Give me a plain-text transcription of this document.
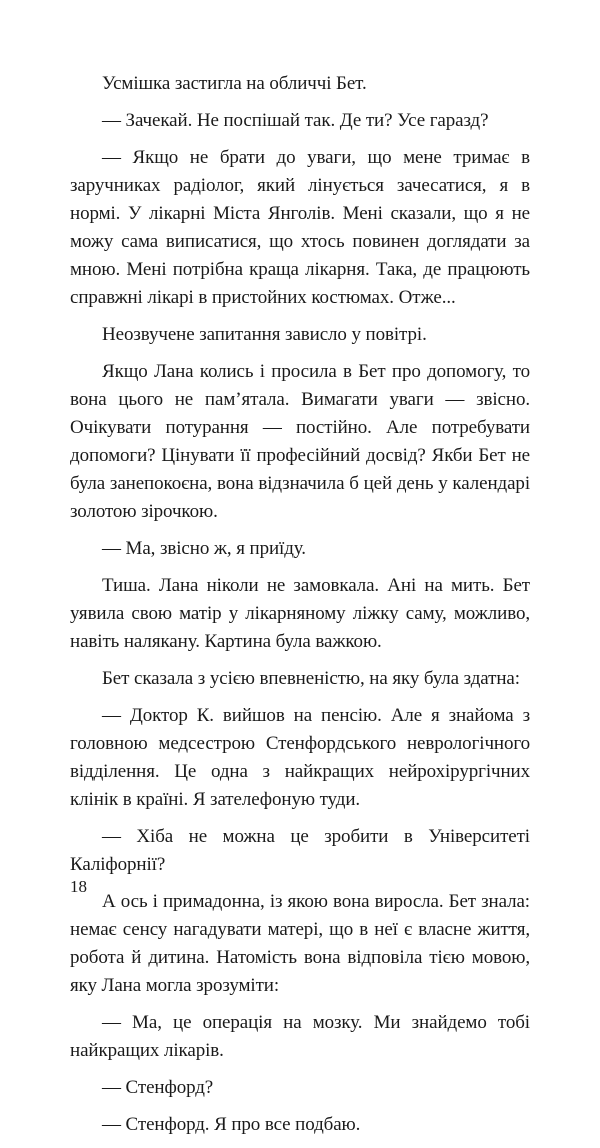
Усмішка застигла на обличчі Бет.

— Зачекай. Не поспішай так. Де ти? Усе гаразд?

— Якщо не брати до уваги, що мене тримає в заручниках радіолог, який лінується зачесатися, я в нормі. У лікарні Міста Янголів. Мені сказали, що я не можу сама виписатися, що хтось повинен доглядати за мною. Мені потрібна краща лікарня. Така, де працюють справжні лікарі в пристойних костюмах. Отже...

Неозвучене запитання зависло у повітрі.

Якщо Лана колись і просила в Бет про допомогу, то вона цього не пам’ятала. Вимагати уваги — звісно. Очікувати потурання — постійно. Але потребувати допомоги? Цінувати її професійний досвід? Якби Бет не була занепокоєна, вона відзначила б цей день у календарі золотою зірочкою.

— Ма, звісно ж, я приїду.

Тиша. Лана ніколи не замовкала. Ані на мить. Бет уявила свою матір у лікарняному ліжку саму, можливо, навіть налякану. Картина була важкою.

Бет сказала з усією впевненістю, на яку була здатна:

— Доктор К. вийшов на пенсію. Але я знайома з головною медсестрою Стенфордського неврологічного відділення. Це одна з найкращих нейрохірургічних клінік в країні. Я зателефоную туди.

— Хіба не можна це зробити в Університеті Каліфорнії?

А ось і примадонна, із якою вона виросла. Бет знала: немає сенсу нагадувати матері, що в неї є власне життя, робота й дитина. Натомість вона відповіла тією мовою, яку Лана могла зрозуміти:

— Ма, це операція на мозку. Ми знайдемо тобі найкращих лікарів.

— Стенфорд?

— Стенфорд. Я про все подбаю.

18
